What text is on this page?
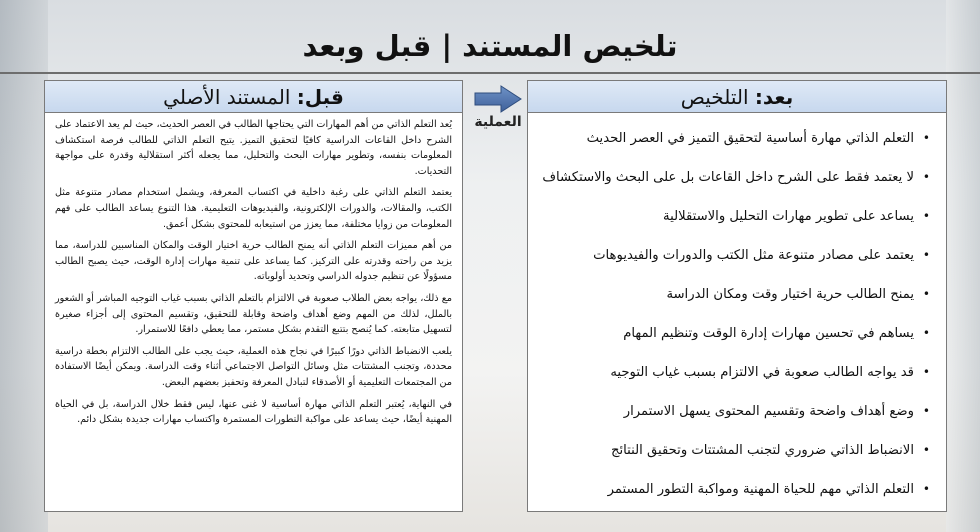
تلخيص المستند | قبل وبعد
بعد: التلخيص
•
التعلم الذاتي مهارة أساسية لتحقيق التميز في العصر الحديث
•
لا يعتمد فقط على الشرح داخل القاعات بل على البحث والاستكشاف
•
يساعد على تطوير مهارات التحليل والاستقلالية
•
يعتمد على مصادر متنوعة مثل الكتب والدورات والفيديوهات
•
يمنح الطالب حرية اختيار وقت ومكان الدراسة
•
يساهم في تحسين مهارات إدارة الوقت وتنظيم المهام
•
قد يواجه الطالب صعوبة في الالتزام بسبب غياب التوجيه
•
وضع أهداف واضحة وتقسيم المحتوى يسهل الاستمرار
•
الانضباط الذاتي ضروري لتجنب المشتتات وتحقيق النتائج
•
التعلم الذاتي مهم للحياة المهنية ومواكبة التطور المستمر
العملية
قبل: المستند الأصلي

يُعد التعلم الذاتي من أهم المهارات التي يحتاجها الطالب في العصر الحديث، حيث لم يعد الاعتماد على الشرح داخل القاعات الدراسية كافيًا لتحقيق التميز. يتيح التعلم الذاتي للطالب فرصة استكشاف المعلومات بنفسه، وتطوير مهارات البحث والتحليل، مما يجعله أكثر استقلالية وقدرة على مواجهة التحديات.

يعتمد التعلم الذاتي على رغبة داخلية في اكتساب المعرفة، ويشمل استخدام مصادر متنوعة مثل الكتب، والمقالات، والدورات الإلكترونية، والفيديوهات التعليمية. هذا التنوع يساعد الطالب على فهم المعلومات من زوايا مختلفة، مما يعزز من استيعابه للمحتوى بشكل أعمق.

من أهم مميزات التعلم الذاتي أنه يمنح الطالب حرية اختيار الوقت والمكان المناسبين للدراسة، مما يزيد من راحته وقدرته على التركيز. كما يساعد على تنمية مهارات إدارة الوقت، حيث يصبح الطالب مسؤولًا عن تنظيم جدوله الدراسي وتحديد أولوياته.

مع ذلك، يواجه بعض الطلاب صعوبة في الالتزام بالتعلم الذاتي بسبب غياب التوجيه المباشر أو الشعور بالملل، لذلك من المهم وضع أهداف واضحة وقابلة للتحقيق، وتقسيم المحتوى إلى أجزاء صغيرة لتسهيل متابعته. كما يُنصح بتتبع التقدم بشكل مستمر، مما يعطي دافعًا للاستمرار.

يلعب الانضباط الذاتي دورًا كبيرًا في نجاح هذه العملية، حيث يجب على الطالب الالتزام بخطة دراسية محددة، وتجنب المشتتات مثل وسائل التواصل الاجتماعي أثناء وقت الدراسة. ويمكن أيضًا الاستفادة من المجتمعات التعليمية أو الأصدقاء لتبادل المعرفة وتحفيز بعضهم البعض.

في النهاية، يُعتبر التعلم الذاتي مهارة أساسية لا غنى عنها، ليس فقط خلال الدراسة، بل في الحياة المهنية أيضًا، حيث يساعد على مواكبة التطورات المستمرة واكتساب مهارات جديدة بشكل دائم.
